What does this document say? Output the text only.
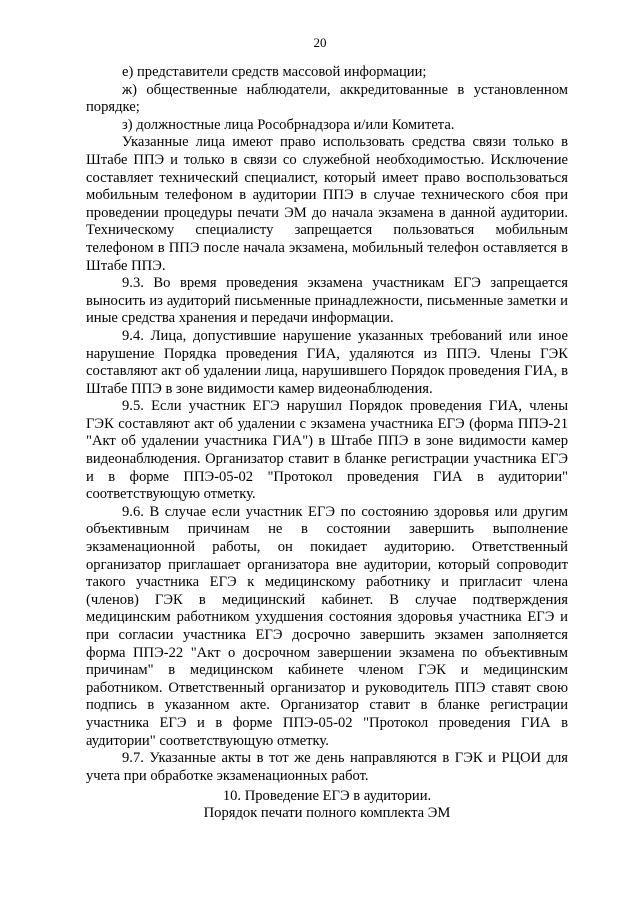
20

е) представители средств массовой информации;

ж) общественные наблюдатели, аккредитованные в установленном порядке;

з) должностные лица Рособрнадзора и/или Комитета.

Указанные лица имеют право использовать средства связи только в Штабе ППЭ и только в связи со служебной необходимостью. Исключение составляет технический специалист, который имеет право воспользоваться мобильным телефоном в аудитории ППЭ в случае технического сбоя при проведении процедуры печати ЭМ до начала экзамена в данной аудитории. Техническому специалисту запрещается пользоваться мобильным телефоном в ППЭ после начала экзамена, мобильный телефон оставляется в Штабе ППЭ.

9.3. Во время проведения экзамена участникам ЕГЭ запрещается выносить из аудиторий письменные принадлежности, письменные заметки и иные средства хранения и передачи информации.

9.4. Лица, допустившие нарушение указанных требований или иное нарушение Порядка проведения ГИА, удаляются из ППЭ. Члены ГЭК составляют акт об удалении лица, нарушившего Порядок проведения ГИА, в Штабе ППЭ в зоне видимости камер видеонаблюдения.

9.5. Если участник ЕГЭ нарушил Порядок проведения ГИА, члены ГЭК составляют акт об удалении с экзамена участника ЕГЭ (форма ППЭ-21 "Акт об удалении участника ГИА") в Штабе ППЭ в зоне видимости камер видеонаблюдения. Организатор ставит в бланке регистрации участника ЕГЭ и в форме ППЭ-05-02 "Протокол проведения ГИА в аудитории" соответствующую отметку.

9.6. В случае если участник ЕГЭ по состоянию здоровья или другим объективным причинам не в состоянии завершить выполнение экзаменационной работы, он покидает аудиторию. Ответственный организатор приглашает организатора вне аудитории, который сопроводит такого участника ЕГЭ к медицинскому работнику и пригласит члена (членов) ГЭК в медицинский кабинет. В случае подтверждения медицинским работником ухудшения состояния здоровья участника ЕГЭ и при согласии участника ЕГЭ досрочно завершить экзамен заполняется форма ППЭ-22 "Акт о досрочном завершении экзамена по объективным причинам" в медицинском кабинете членом ГЭК и медицинским работником. Ответственный организатор и руководитель ППЭ ставят свою подпись в указанном акте. Организатор ставит в бланке регистрации участника ЕГЭ и в форме ППЭ-05-02 "Протокол проведения ГИА в аудитории" соответствующую отметку.

9.7. Указанные акты в тот же день направляются в ГЭК и РЦОИ для учета при обработке экзаменационных работ.

10. Проведение ЕГЭ в аудитории.
Порядок печати полного комплекта ЭМ
